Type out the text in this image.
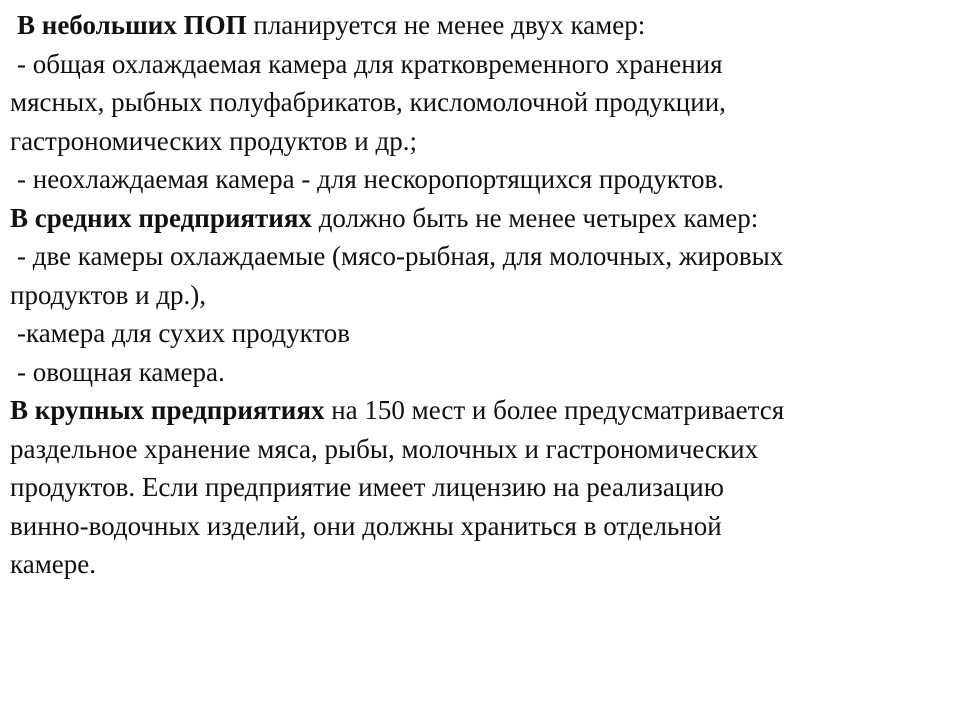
В небольших ПОП планируется не менее двух камер:
- общая охлаждаемая камера для кратковременного хранения
мясных, рыбных полуфабрикатов, кисломолочной продукции,
гастрономических продуктов и др.;
- неохлаждаемая камера - для нескоропортящихся продуктов.
В средних предприятиях должно быть не менее четырех камер:
- две камеры охлаждаемые (мясо-рыбная, для молочных, жировых
продуктов и др.),
-камера для сухих продуктов
- овощная камера.
В крупных предприятиях на 150 мест и более предусматривается
раздельное хранение мяса, рыбы, молочных и гастрономических
продуктов. Если предприятие имеет лицензию на реализацию
винно-водочных изделий, они должны храниться в отдельной
камере.
